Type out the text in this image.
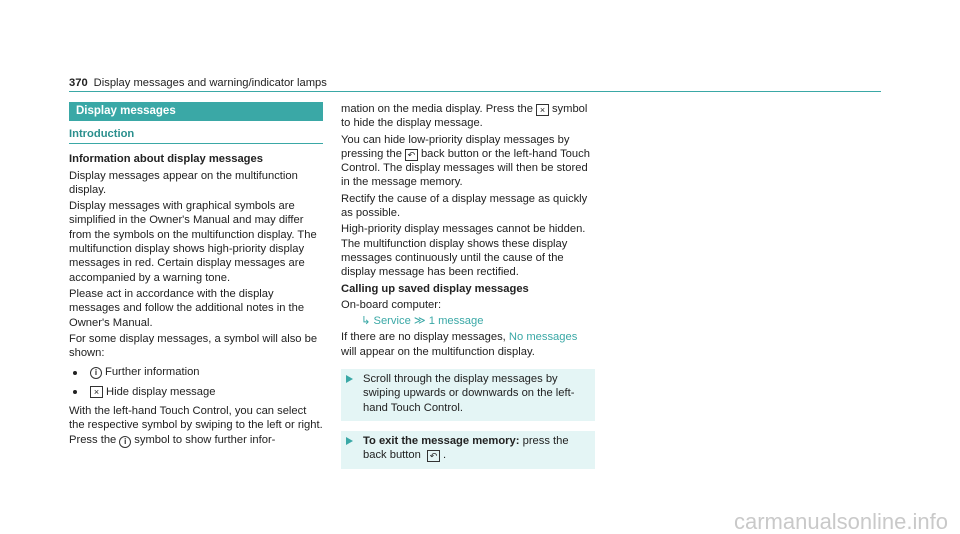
370 Display messages and warning/indicator lamps
Display messages
Introduction

Information about display messages

Display messages appear on the multifunction display.

Display messages with graphical symbols are simplified in the Owner's Manual and may differ from the symbols on the multifunction display. The multifunction display shows high-priority display messages in red. Certain display messages are accompanied by a warning tone.

Please act in accordance with the display messages and follow the additional notes in the Owner's Manual.

For some display messages, a symbol will also be shown:

i Further information
× Hide display message

With the left-hand Touch Control, you can select the respective symbol by swiping to the left or right. Press the i symbol to show further infor-

mation on the media display. Press the × symbol to hide the display message.

You can hide low-priority display messages by pressing the ↶ back button or the left-hand Touch Control. The display messages will then be stored in the message memory.

Rectify the cause of a display message as quickly as possible.

High-priority display messages cannot be hidden. The multifunction display shows these display messages continuously until the cause of the display message has been rectified.

Calling up saved display messages

On-board computer:

↳ Service ≫ 1 message

If there are no display messages, No messages will appear on the multifunction display.

Scroll through the display messages by swiping upwards or downwards on the left-hand Touch Control.
To exit the message memory: press the back button ↶ .
carmanualsonline.info
